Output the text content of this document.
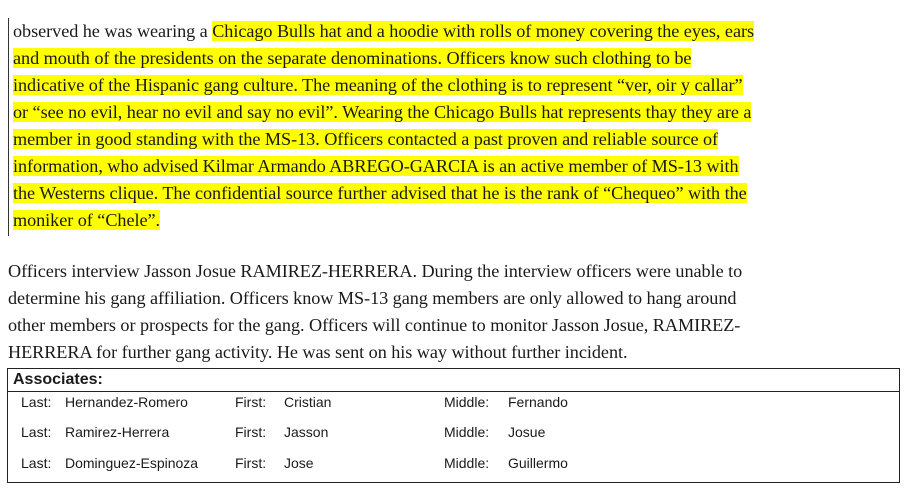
observed he was wearing a Chicago Bulls hat and a hoodie with rolls of money covering the eyes, ears
and mouth of the presidents on the separate denominations. Officers know such clothing to be
indicative of the Hispanic gang culture. The meaning of the clothing is to represent “ver, oir y callar”
or “see no evil, hear no evil and say no evil”. Wearing the Chicago Bulls hat represents thay they are a
member in good standing with the MS-13. Officers contacted a past proven and reliable source of
information, who advised Kilmar Armando ABREGO-GARCIA is an active member of MS-13 with
the Westerns clique. The confidential source further advised that he is the rank of “Chequeo” with the
moniker of “Chele”.
Officers interview Jasson Josue RAMIREZ-HERRERA. During the interview officers were unable to
determine his gang affiliation. Officers know MS-13 gang members are only allowed to hang around
other members or prospects for the gang. Officers will continue to monitor Jasson Josue, RAMIREZ-
HERRERA for further gang activity. He was sent on his way without further incident.
Associates:
Last: Hernandez-Romero	First: Cristian	Middle: Fernando
Last: Ramirez-Herrera	First: Jasson	Middle: Josue
Last: Dominguez-Espinoza	First: Jose	Middle: Guillermo
